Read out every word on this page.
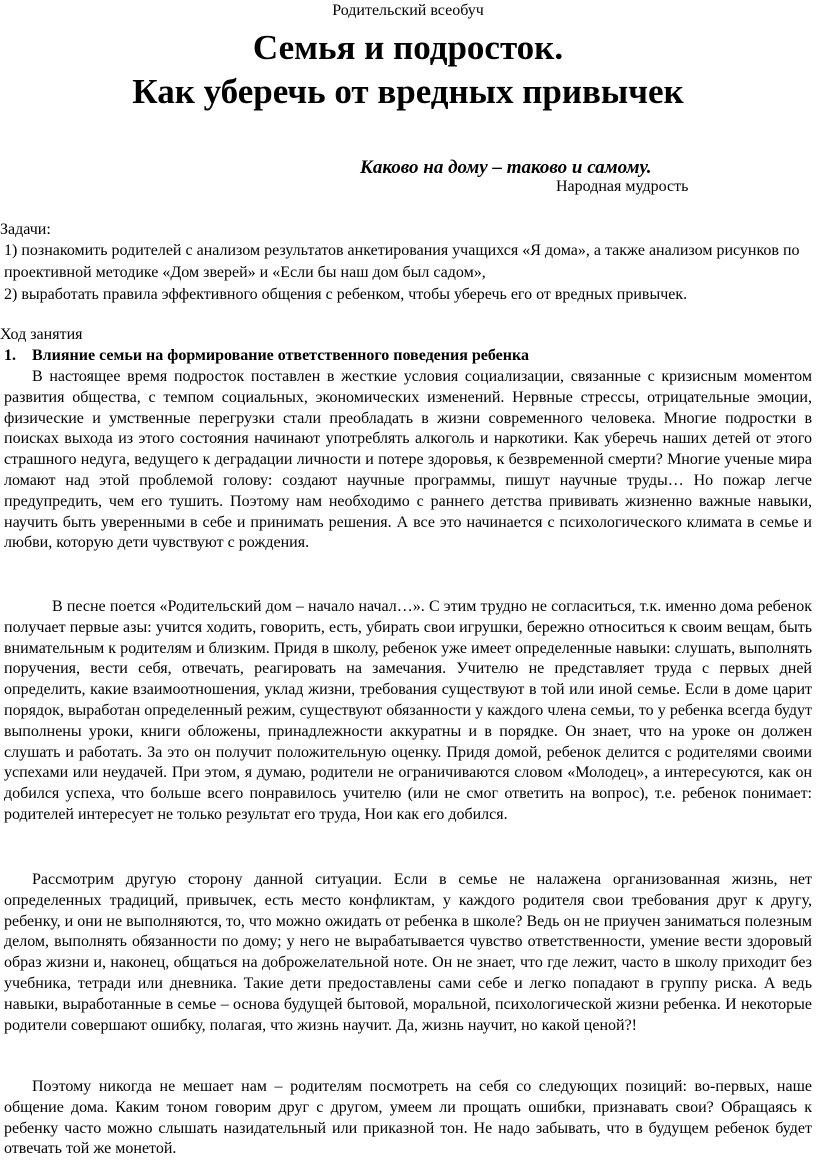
Родительский всеобуч
Семья и подросток.
Как уберечь от вредных привычек
Каково на дому – таково и самому.
Народная мудрость
Задачи:

1) познакомить родителей с анализом результатов анкетирования учащихся «Я дома», а также анализом рисунков по проективной методике «Дом зверей» и «Если бы наш дом был садом»,

2) выработать правила эффективного общения с ребенком, чтобы уберечь его от вредных привычек.

Ход занятия
1. Влияние семьи на формирование ответственного поведения ребенка

В настоящее время подросток поставлен в жесткие условия социализации, связанные с кризисным моментом развития общества, с темпом социальных, экономических изменений. Нервные стрессы, отрицательные эмоции, физические и умственные перегрузки стали преобладать в жизни современного человека. Многие подростки в поисках выхода из этого состояния начинают употреблять алкоголь и наркотики. Как уберечь наших детей от этого страшного недуга, ведущего к деградации личности и потере здоровья, к безвременной смерти? Многие ученые мира ломают над этой проблемой голову: создают научные программы, пишут научные труды… Но пожар легче предупредить, чем его тушить. Поэтому нам необходимо с раннего детства прививать жизненно важные навыки, научить быть уверенными в себе и принимать решения. А все это начинается с психологического климата в семье и любви, которую дети чувствуют с рождения.

В песне поется «Родительский дом – начало начал…». С этим трудно не согласиться, т.к. именно дома ребенок получает первые азы: учится ходить, говорить, есть, убирать свои игрушки, бережно относиться к своим вещам, быть внимательным к родителям и близким. Придя в школу, ребенок уже имеет определенные навыки: слушать, выполнять поручения, вести себя, отвечать, реагировать на замечания. Учителю не представляет труда с первых дней определить, какие взаимоотношения, уклад жизни, требования существуют в той или иной семье. Если в доме царит порядок, выработан определенный режим, существуют обязанности у каждого члена семьи, то у ребенка всегда будут выполнены уроки, книги обложены, принадлежности аккуратны и в порядке. Он знает, что на уроке он должен слушать и работать. За это он получит положительную оценку. Придя домой, ребенок делится с родителями своими успехами или неудачей. При этом, я думаю, родители не ограничиваются словом «Молодец», а интересуются, как он добился успеха, что больше всего понравилось учителю (или не смог ответить на вопрос), т.е. ребенок понимает: родителей интересует не только результат его труда, Нои как его добился.

Рассмотрим другую сторону данной ситуации. Если в семье не налажена организованная жизнь, нет определенных традиций, привычек, есть место конфликтам, у каждого родителя свои требования друг к другу, ребенку, и они не выполняются, то, что можно ожидать от ребенка в школе? Ведь он не приучен заниматься полезным делом, выполнять обязанности по дому; у него не вырабатывается чувство ответственности, умение вести здоровый образ жизни и, наконец, общаться на доброжелательной ноте. Он не знает, что где лежит, часто в школу приходит без учебника, тетради или дневника. Такие дети предоставлены сами себе и легко попадают в группу риска. А ведь навыки, выработанные в семье – основа будущей бытовой, моральной, психологической жизни ребенка. И некоторые родители совершают ошибку, полагая, что жизнь научит. Да, жизнь научит, но какой ценой?!

Поэтому никогда не мешает нам – родителям посмотреть на себя со следующих позиций: во-первых, наше общение дома. Каким тоном говорим друг с другом, умеем ли прощать ошибки, признавать свои? Обращаясь к ребенку часто можно слышать назидательный или приказной тон. Не надо забывать, что в будущем ребенок будет отвечать той же монетой.
